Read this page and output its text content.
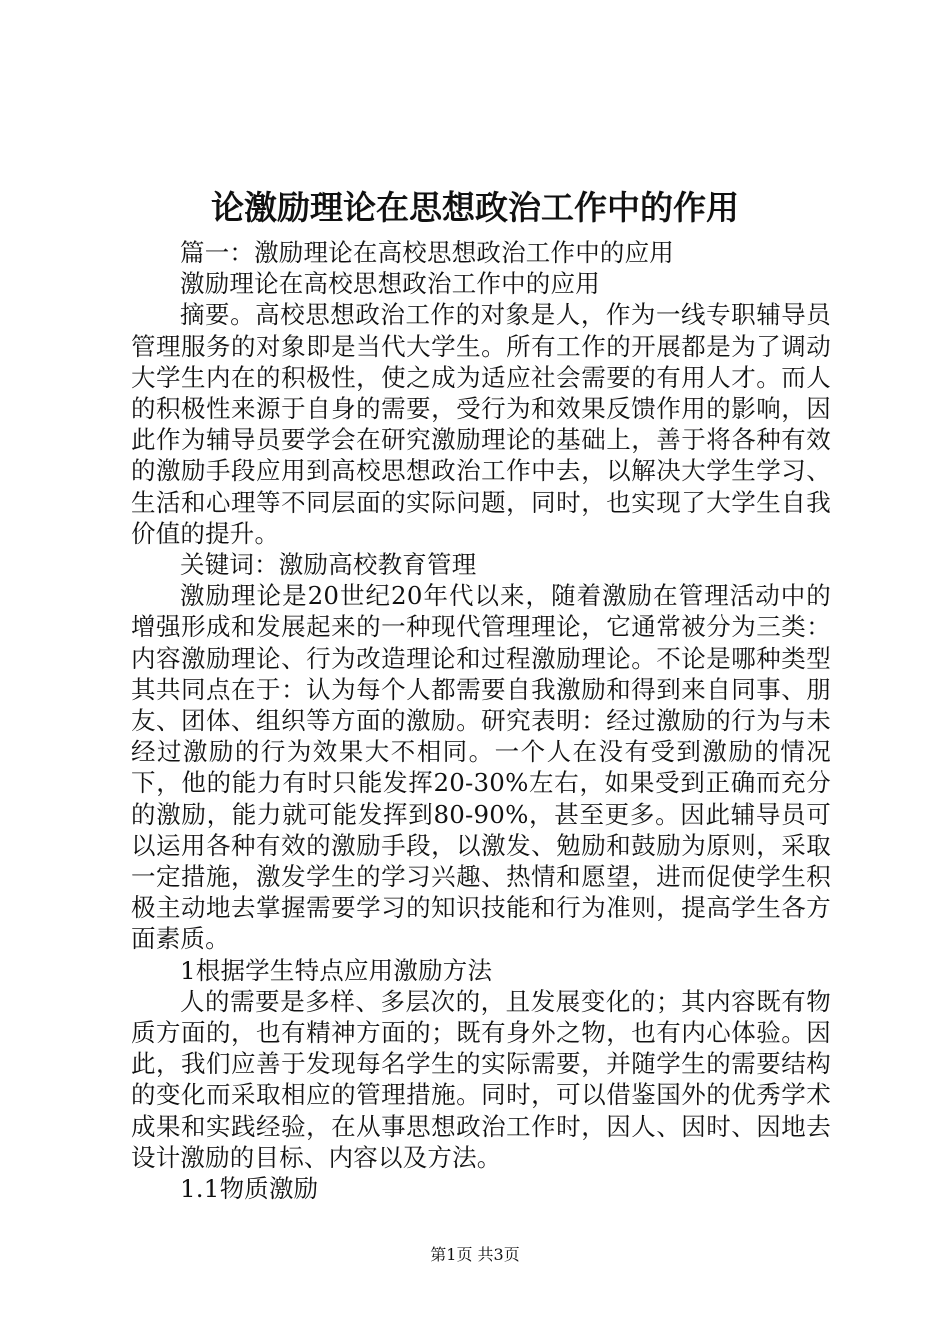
论激励理论在思想政治工作中的作用

篇一：激励理论在高校思想政治工作中的应用

激励理论在高校思想政治工作中的应用

摘要。高校思想政治工作的对象是人，作为一线专职辅导员管理服务的对象即是当代大学生。所有工作的开展都是为了调动大学生内在的积极性，使之成为适应社会需要的有用人才。而人的积极性来源于自身的需要，受行为和效果反馈作用的影响，因此作为辅导员要学会在研究激励理论的基础上，善于将各种有效的激励手段应用到高校思想政治工作中去，以解决大学生学习、生活和心理等不同层面的实际问题，同时，也实现了大学生自我价值的提升。

关键词：激励高校教育管理

激励理论是20世纪20年代以来，随着激励在管理活动中的增强形成和发展起来的一种现代管理理论，它通常被分为三类：内容激励理论、行为改造理论和过程激励理论。不论是哪种类型其共同点在于：认为每个人都需要自我激励和得到来自同事、朋友、团体、组织等方面的激励。研究表明：经过激励的行为与未经过激励的行为效果大不相同。一个人在没有受到激励的情况下，他的能力有时只能发挥20-30%左右，如果受到正确而充分的激励，能力就可能发挥到80-90%，甚至更多。因此辅导员可以运用各种有效的激励手段，以激发、勉励和鼓励为原则，采取一定措施，激发学生的学习兴趣、热情和愿望，进而促使学生积极主动地去掌握需要学习的知识技能和行为准则，提高学生各方面素质。

1根据学生特点应用激励方法

人的需要是多样、多层次的，且发展变化的；其内容既有物质方面的，也有精神方面的；既有身外之物，也有内心体验。因此，我们应善于发现每名学生的实际需要，并随学生的需要结构的变化而采取相应的管理措施。同时，可以借鉴国外的优秀学术成果和实践经验，在从事思想政治工作时，因人、因时、因地去设计激励的目标、内容以及方法。

1.1物质激励

第1页 共3页
